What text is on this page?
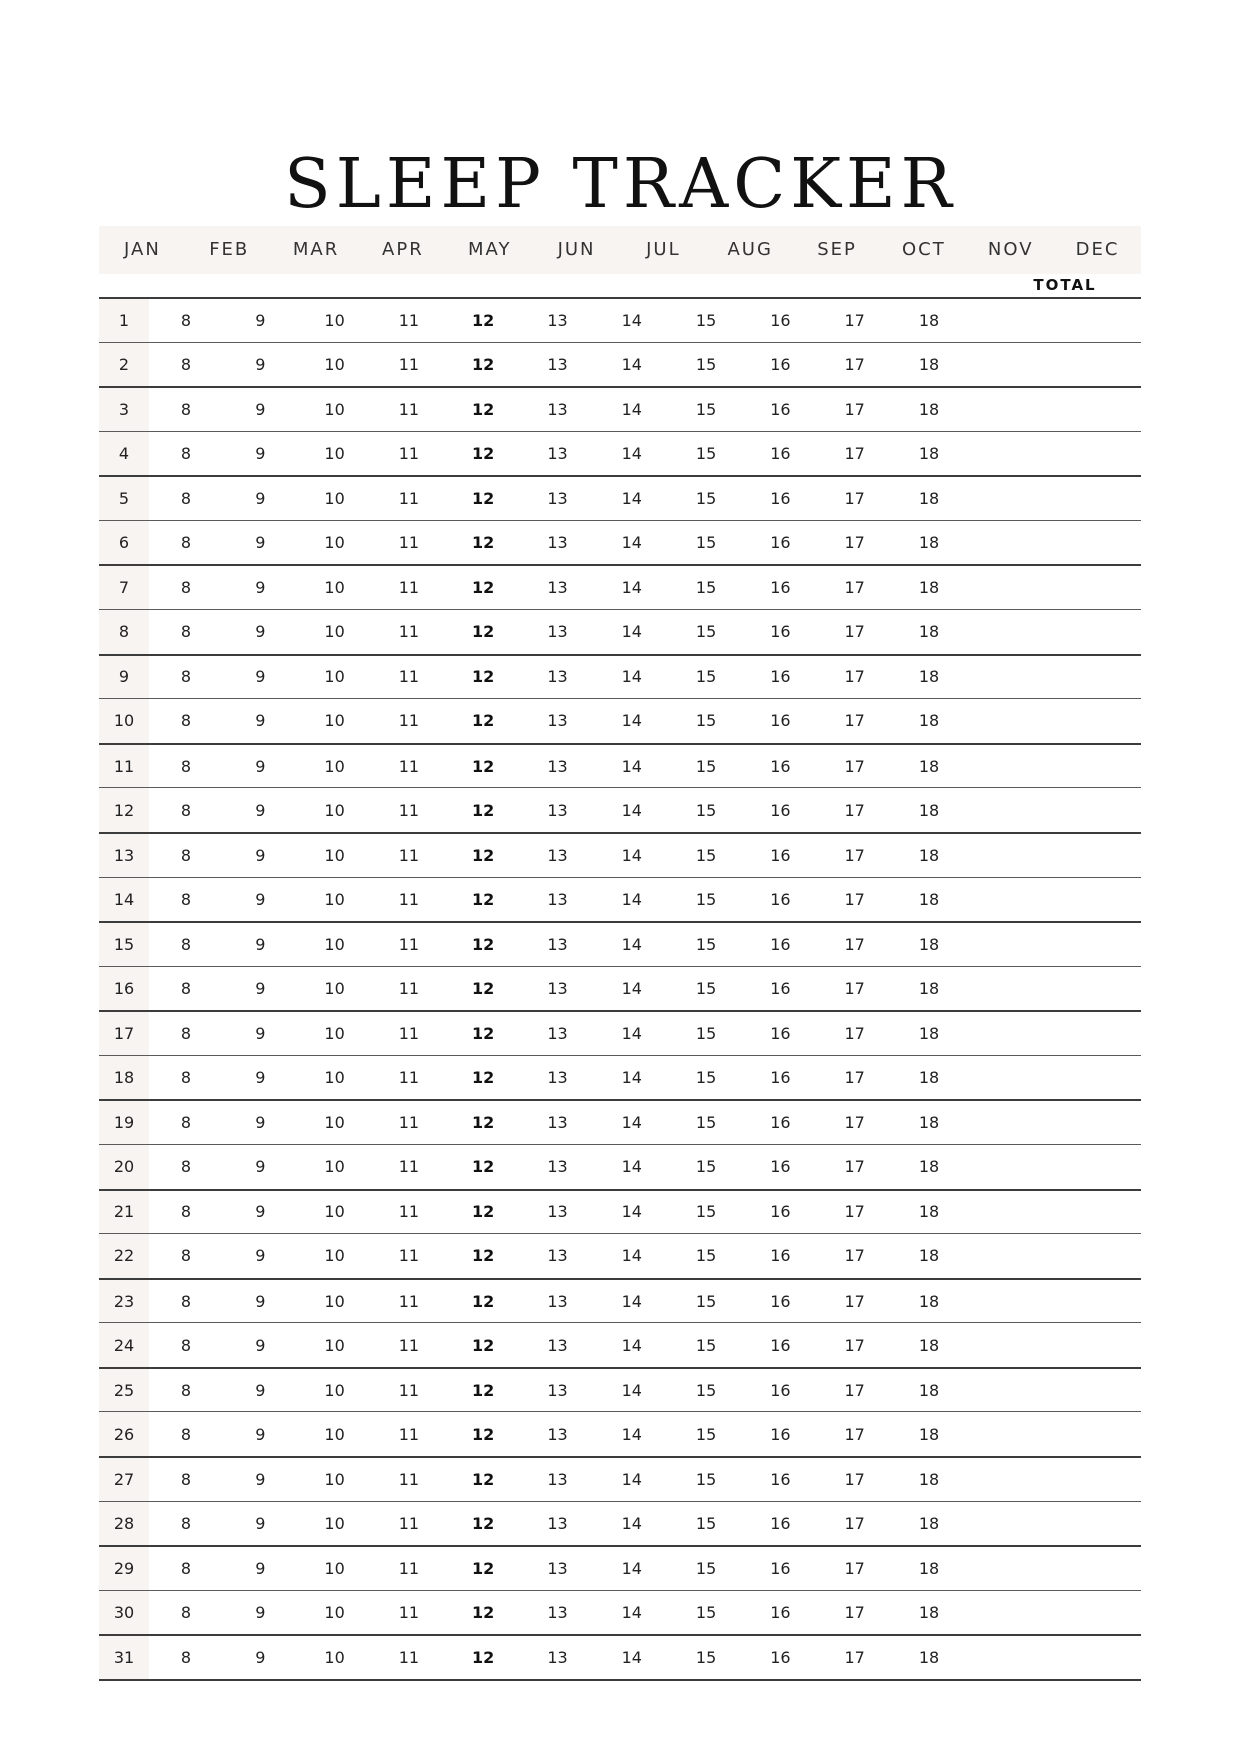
SLEEP TRACKER
JAN	FEB	MAR	APR	MAY	JUN	JUL	AUG	SEP	OCT	NOV	DEC
TOTAL
1	8	9	10	11	12	13	14	15	16	17	18
2	8	9	10	11	12	13	14	15	16	17	18
3	8	9	10	11	12	13	14	15	16	17	18
4	8	9	10	11	12	13	14	15	16	17	18
5	8	9	10	11	12	13	14	15	16	17	18
6	8	9	10	11	12	13	14	15	16	17	18
7	8	9	10	11	12	13	14	15	16	17	18
8	8	9	10	11	12	13	14	15	16	17	18
9	8	9	10	11	12	13	14	15	16	17	18
10	8	9	10	11	12	13	14	15	16	17	18
11	8	9	10	11	12	13	14	15	16	17	18
12	8	9	10	11	12	13	14	15	16	17	18
13	8	9	10	11	12	13	14	15	16	17	18
14	8	9	10	11	12	13	14	15	16	17	18
15	8	9	10	11	12	13	14	15	16	17	18
16	8	9	10	11	12	13	14	15	16	17	18
17	8	9	10	11	12	13	14	15	16	17	18
18	8	9	10	11	12	13	14	15	16	17	18
19	8	9	10	11	12	13	14	15	16	17	18
20	8	9	10	11	12	13	14	15	16	17	18
21	8	9	10	11	12	13	14	15	16	17	18
22	8	9	10	11	12	13	14	15	16	17	18
23	8	9	10	11	12	13	14	15	16	17	18
24	8	9	10	11	12	13	14	15	16	17	18
25	8	9	10	11	12	13	14	15	16	17	18
26	8	9	10	11	12	13	14	15	16	17	18
27	8	9	10	11	12	13	14	15	16	17	18
28	8	9	10	11	12	13	14	15	16	17	18
29	8	9	10	11	12	13	14	15	16	17	18
30	8	9	10	11	12	13	14	15	16	17	18
31	8	9	10	11	12	13	14	15	16	17	18
